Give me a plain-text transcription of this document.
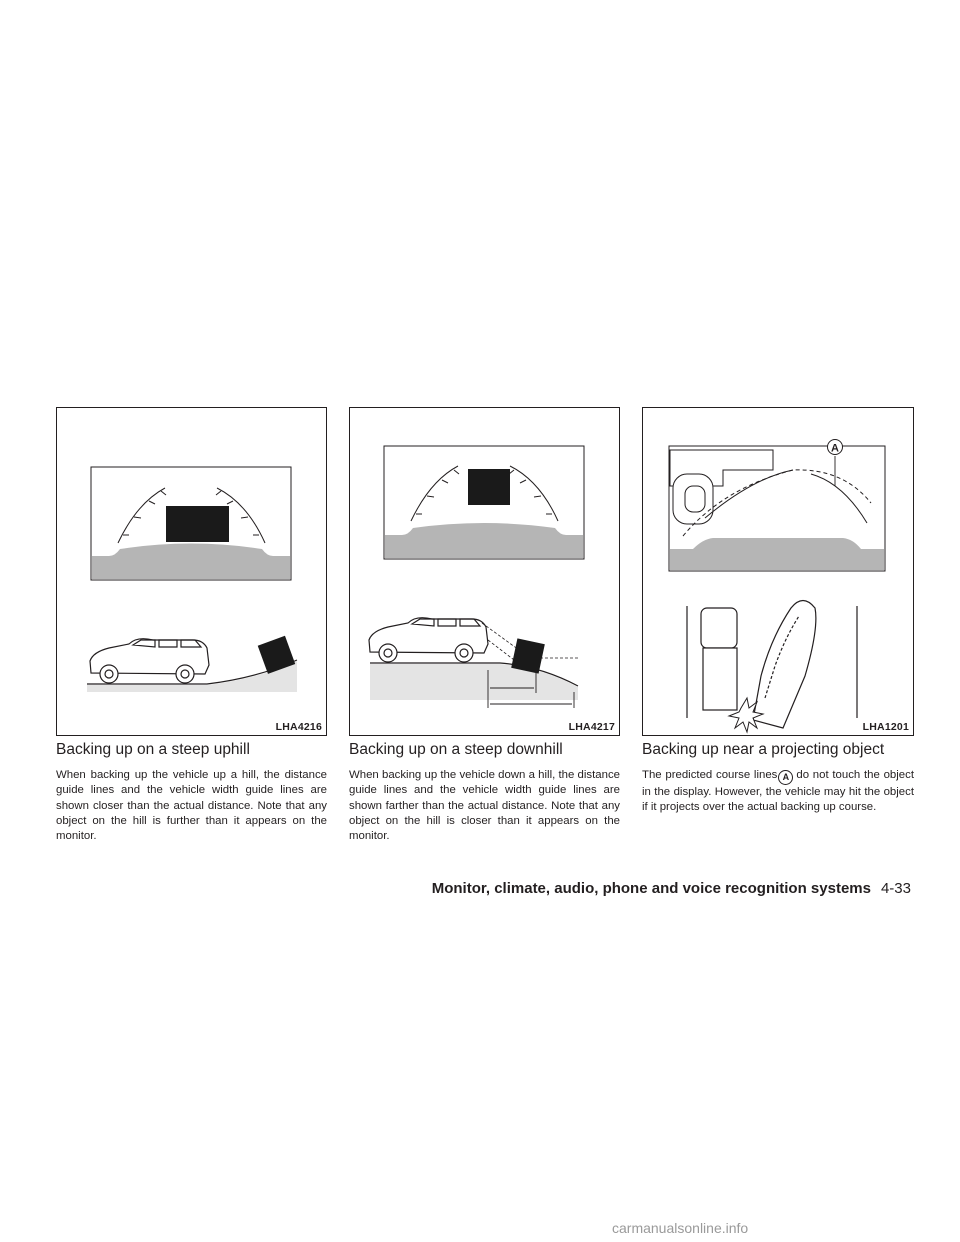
LHA4216	LHA4217
A
LHA1201
Backing up on a steep uphill

When backing up the vehicle up a hill, the distance guide lines and the vehicle width guide lines are shown closer than the actual distance. Note that any object on the hill is further than it appears on the monitor.

Backing up on a steep downhill

When backing up the vehicle down a hill, the distance guide lines and the vehicle width guide lines are shown farther than the actual distance. Note that any object on the hill is closer than it appears on the monitor.

Backing up near a projecting object

The predicted course lines A do not touch the object in the display. However, the vehicle may hit the object if it projects over the actual backing up course.

Monitor, climate, audio, phone and voice recognition systems 4-33
carmanualsonline.info
